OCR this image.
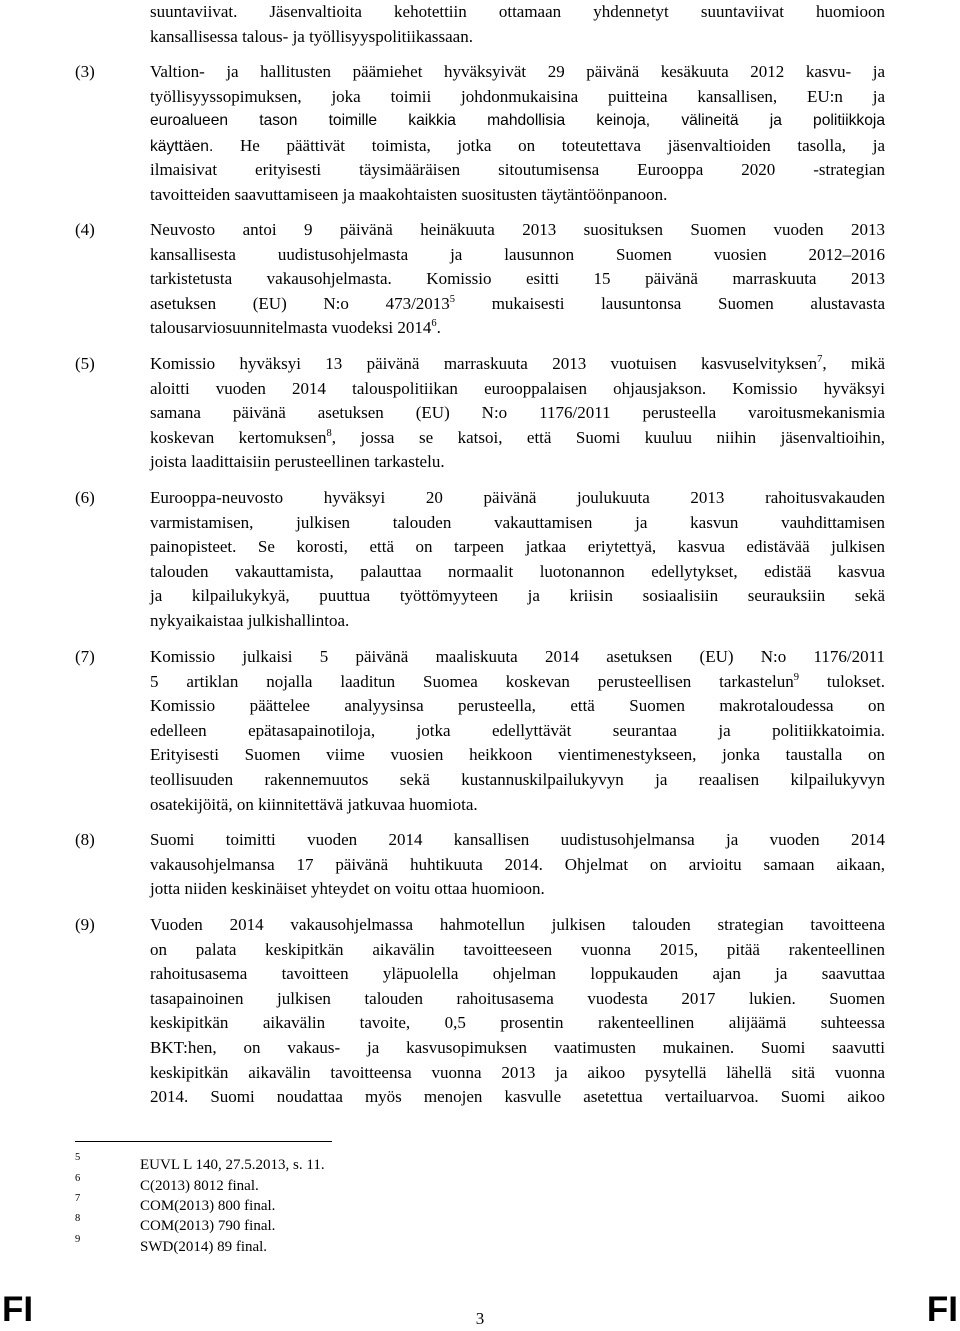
suuntaviivat. Jäsenvaltioita kehotettiin ottamaan yhdennetyt suuntaviivat huomioon
kansallisessa talous- ja työllisyyspolitiikassaan.
(3)	Valtion- ja hallitusten päämiehet hyväksyivät 29 päivänä kesäkuuta 2012 kasvu- ja
työllisyyssopimuksen, joka toimii johdonmukaisina puitteina kansallisen, EU:n ja
euroalueen tason toimille kaikkia mahdollisia keinoja, välineitä ja politiikkoja
käyttäen. He päättivät toimista, jotka on toteutettava jäsenvaltioiden tasolla, ja
ilmaisivat erityisesti täysimääräisen sitoutumisensa Eurooppa 2020 -strategian
tavoitteiden saavuttamiseen ja maakohtaisten suositusten täytäntöönpanoon.
(4)	Neuvosto antoi 9 päivänä heinäkuuta 2013 suosituksen Suomen vuoden 2013
kansallisesta uudistusohjelmasta ja lausunnon Suomen vuosien 2012–2016
tarkistetusta vakausohjelmasta. Komissio esitti 15 päivänä marraskuuta 2013
asetuksen (EU) N:o 473/2013$^5$ mukaisesti lausuntonsa Suomen alustavasta
talousarviosuunnitelmasta vuodeksi 2014$^6$.
(5)	Komissio hyväksyi 13 päivänä marraskuuta 2013 vuotuisen kasvuselvityksen$^7$, mikä
aloitti vuoden 2014 talouspolitiikan eurooppalaisen ohjausjakson. Komissio hyväksyi
samana päivänä asetuksen (EU) N:o 1176/2011 perusteella varoitusmekanismia
koskevan kertomuksen$^8$, jossa se katsoi, että Suomi kuuluu niihin jäsenvaltioihin,
joista laadittaisiin perusteellinen tarkastelu.
(6)	Eurooppa-neuvosto hyväksyi 20 päivänä joulukuuta 2013 rahoitusvakauden
varmistamisen, julkisen talouden vakauttamisen ja kasvun vauhdittamisen
painopisteet. Se korosti, että on tarpeen jatkaa eriytettyä, kasvua edistävää julkisen
talouden vakauttamista, palauttaa normaalit luotonannon edellytykset, edistää kasvua
ja kilpailukykyä, puuttua työttömyyteen ja kriisin sosiaalisiin seurauksiin sekä
nykyaikaistaa julkishallintoa.
(7)	Komissio julkaisi 5 päivänä maaliskuuta 2014 asetuksen (EU) N:o 1176/2011
5 artiklan nojalla laaditun Suomea koskevan perusteellisen tarkastelun$^9$ tulokset.
Komissio päättelee analyysinsa perusteella, että Suomen makrotaloudessa on
edelleen epätasapainotiloja, jotka edellyttävät seurantaa ja politiikkatoimia.
Erityisesti Suomen viime vuosien heikkoon vientimenestykseen, jonka taustalla on
teollisuuden rakennemuutos sekä kustannuskilpailukyvyn ja reaalisen kilpailukyvyn
osatekijöitä, on kiinnitettävä jatkuvaa huomiota.
(8)	Suomi toimitti vuoden 2014 kansallisen uudistusohjelmansa ja vuoden 2014
vakausohjelmansa 17 päivänä huhtikuuta 2014. Ohjelmat on arvioitu samaan aikaan,
jotta niiden keskinäiset yhteydet on voitu ottaa huomioon.
(9)	Vuoden 2014 vakausohjelmassa hahmotellun julkisen talouden strategian tavoitteena
on palata keskipitkän aikavälin tavoitteeseen vuonna 2015, pitää rakenteellinen
rahoitusasema tavoitteen yläpuolella ohjelman loppukauden ajan ja saavuttaa
tasapainoinen julkisen talouden rahoitusasema vuodesta 2017 lukien. Suomen
keskipitkän aikavälin tavoite, 0,5 prosentin rakenteellinen alijäämä suhteessa
BKT:hen, on vakaus- ja kasvusopimuksen vaatimusten mukainen. Suomi saavutti
keskipitkän aikavälin tavoitteensa vuonna 2013 ja aikoo pysytellä lähellä sitä vuonna
2014. Suomi noudattaa myös menojen kasvulle asetettua vertailuarvoa. Suomi aikoo
5	EUVL L 140, 27.5.2013, s. 11.
6	C(2013) 8012 final.
7	COM(2013) 800 final.
8	COM(2013) 790 final.
9	SWD(2014) 89 final.
FI	3	FI
